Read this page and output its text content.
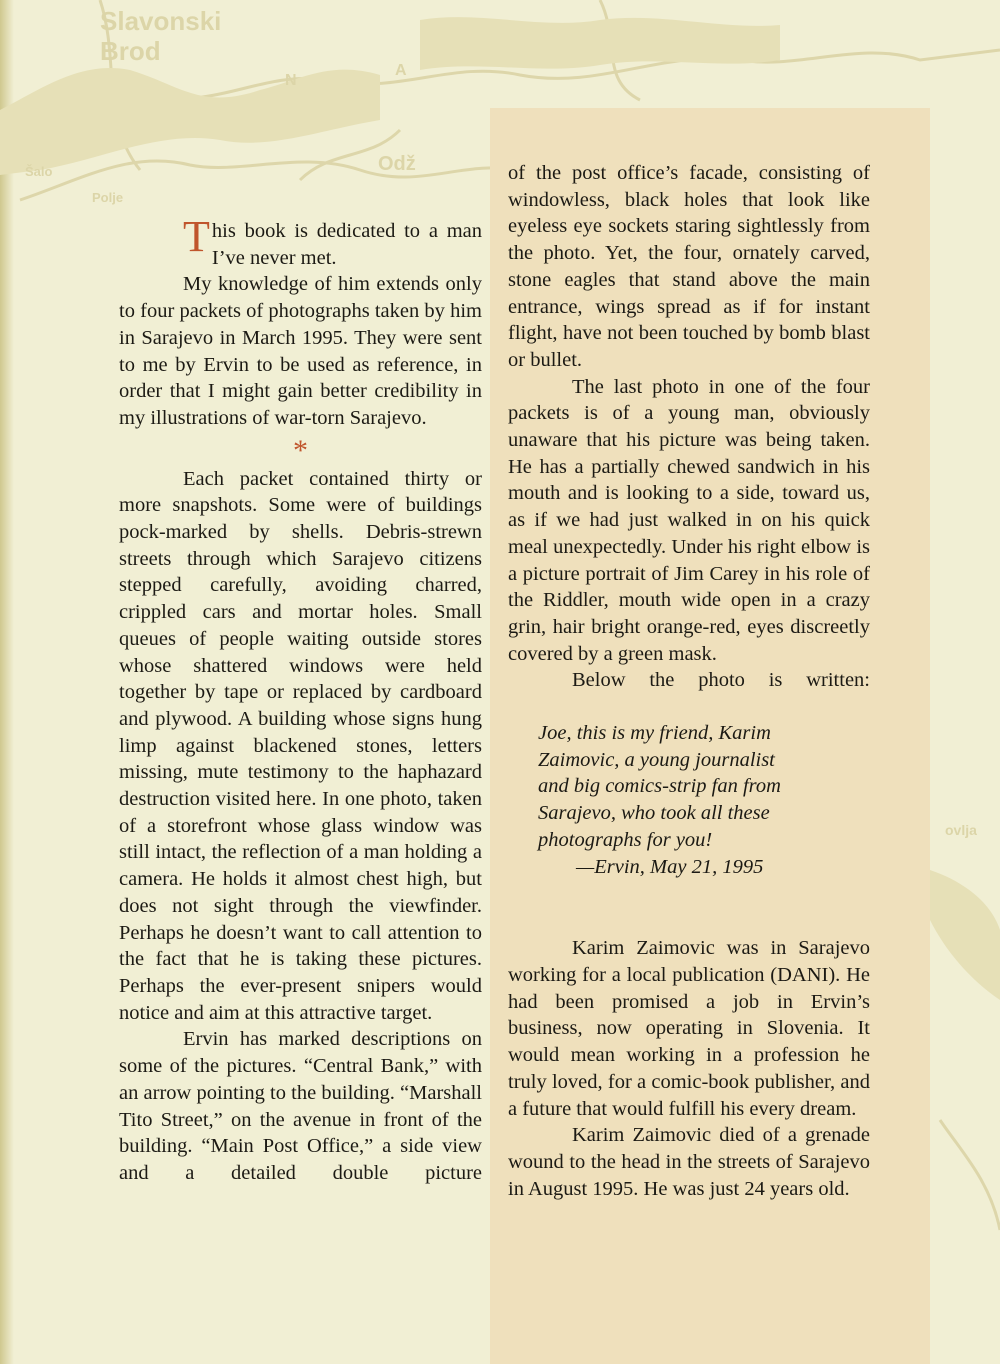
Slavonski
Brod
N
A
Odž
Šalo
Polje
ovlja

This book is dedicated to a man I’ve never met.

My knowledge of him extends only to four packets of photographs taken by him in Sarajevo in March 1995. They were sent to me by Ervin to be used as reference, in order that I might gain better credibility in my illustrations of war-torn Sarajevo.

*

Each packet contained thirty or more snapshots. Some were of buildings pock-marked by shells. Debris-strewn streets through which Sarajevo citizens stepped carefully, avoiding charred, crippled cars and mortar holes. Small queues of people waiting outside stores whose shattered windows were held together by tape or replaced by cardboard and plywood. A building whose signs hung limp against blackened stones, letters missing, mute testimony to the haphazard destruction visited here. In one photo, taken of a storefront whose glass window was still intact, the reflection of a man holding a camera. He holds it almost chest high, but does not sight through the viewfinder. Perhaps he doesn’t want to call attention to the fact that he is taking these pictures. Perhaps the ever-present snipers would notice and aim at this attractive target.

Ervin has marked descriptions on some of the pictures. “Central Bank,” with an arrow pointing to the building. “Marshall Tito Street,” on the avenue in front of the building. “Main Post Office,” a side view and a detailed double picture

of the post office’s facade, consisting of windowless, black holes that look like eyeless eye sockets staring sightlessly from the photo. Yet, the four, ornately carved, stone eagles that stand above the main entrance, wings spread as if for instant flight, have not been touched by bomb blast or bullet.

The last photo in one of the four packets is of a young man, obviously unaware that his picture was being taken. He has a partially chewed sandwich in his mouth and is looking to a side, toward us, as if we had just walked in on his quick meal unexpectedly. Under his right elbow is a picture portrait of Jim Carey in his role of the Riddler, mouth wide open in a crazy grin, hair bright orange-red, eyes discreetly covered by a green mask.

Below the photo is written:

Joe, this is my friend, Karim

Zaimovic, a young journalist

and big comics-strip fan from

Sarajevo, who took all these

photographs for you!

—Ervin, May 21, 1995

Karim Zaimovic was in Sarajevo working for a local publication (DANI). He had been promised a job in Ervin’s business, now operating in Slovenia. It would mean working in a profession he truly loved, for a comic-book publisher, and a future that would fulfill his every dream.

Karim Zaimovic died of a grenade wound to the head in the streets of Sarajevo in August 1995. He was just 24 years old.
